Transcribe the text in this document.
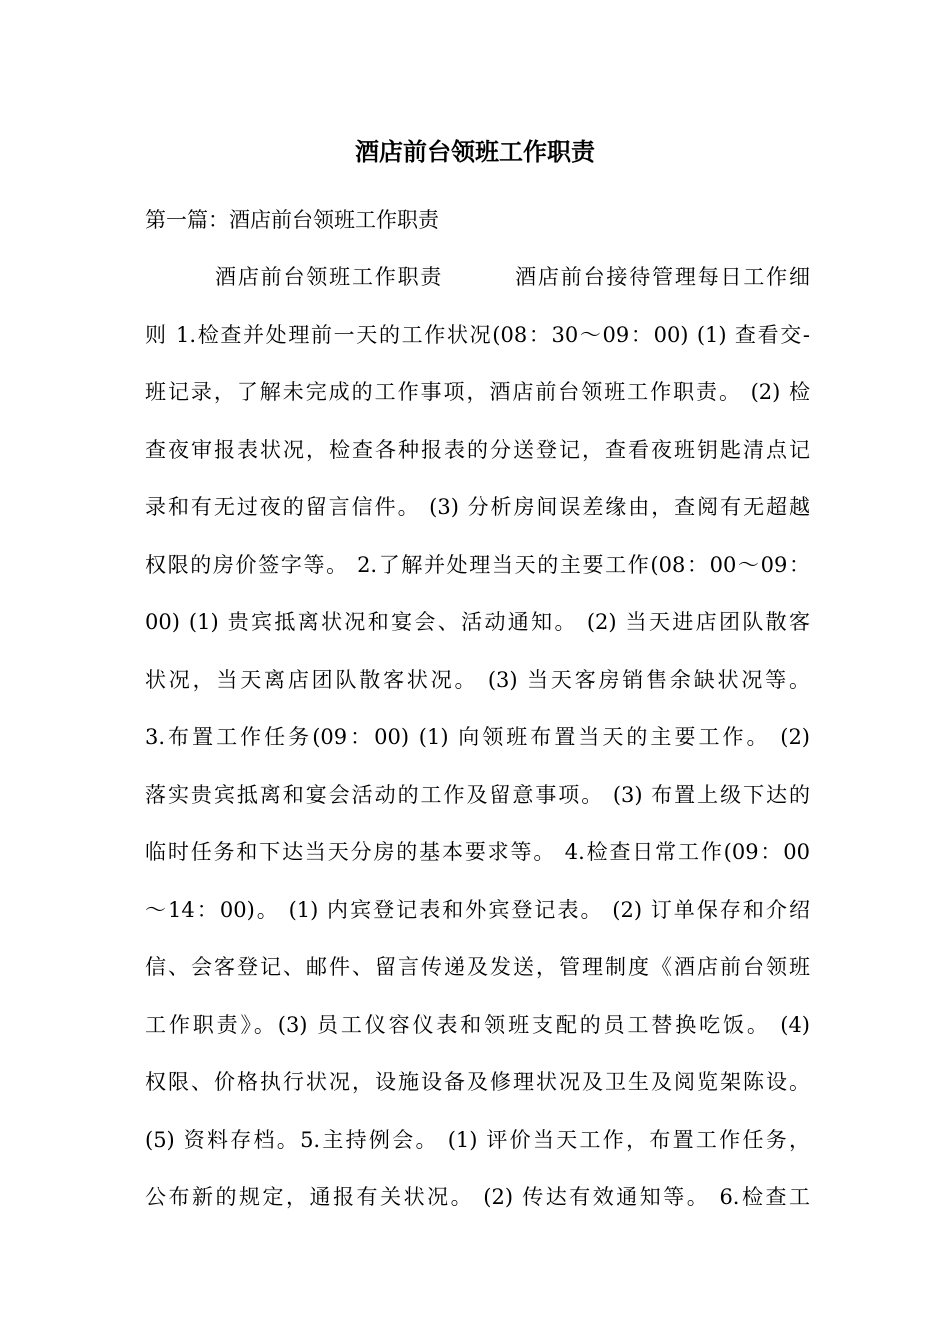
酒店前台领班工作职责

第一篇：酒店前台领班工作职责

酒店前台领班工作职责	酒店前台接待管理每日工作细
则 1.检查并处理前一天的工作状况(08：30～09：00) (1) 查看交-
班记录，了解未完成的工作事项，酒店前台领班工作职责。 (2) 检
查夜审报表状况，检查各种报表的分送登记，查看夜班钥匙清点记
录和有无过夜的留言信件。 (3) 分析房间误差缘由，查阅有无超越
权限的房价签字等。 2.了解并处理当天的主要工作(08：00～09：
00) (1) 贵宾抵离状况和宴会、活动通知。 (2) 当天进店团队散客
状况，当天离店团队散客状况。 (3) 当天客房销售余缺状况等。
3.布置工作任务(09：00) (1) 向领班布置当天的主要工作。 (2)
落实贵宾抵离和宴会活动的工作及留意事项。 (3) 布置上级下达的
临时任务和下达当天分房的基本要求等。 4.检查日常工作(09：00
～14：00)。 (1) 内宾登记表和外宾登记表。 (2) 订单保存和介绍
信、会客登记、邮件、留言传递及发送，管理制度《酒店前台领班
工作职责》。(3) 员工仪容仪表和领班支配的员工替换吃饭。 (4)
权限、价格执行状况，设施设备及修理状况及卫生及阅览架陈设。
(5) 资料存档。5.主持例会。 (1) 评价当天工作，布置工作任务，
公布新的规定，通报有关状况。 (2) 传达有效通知等。 6.检查工
